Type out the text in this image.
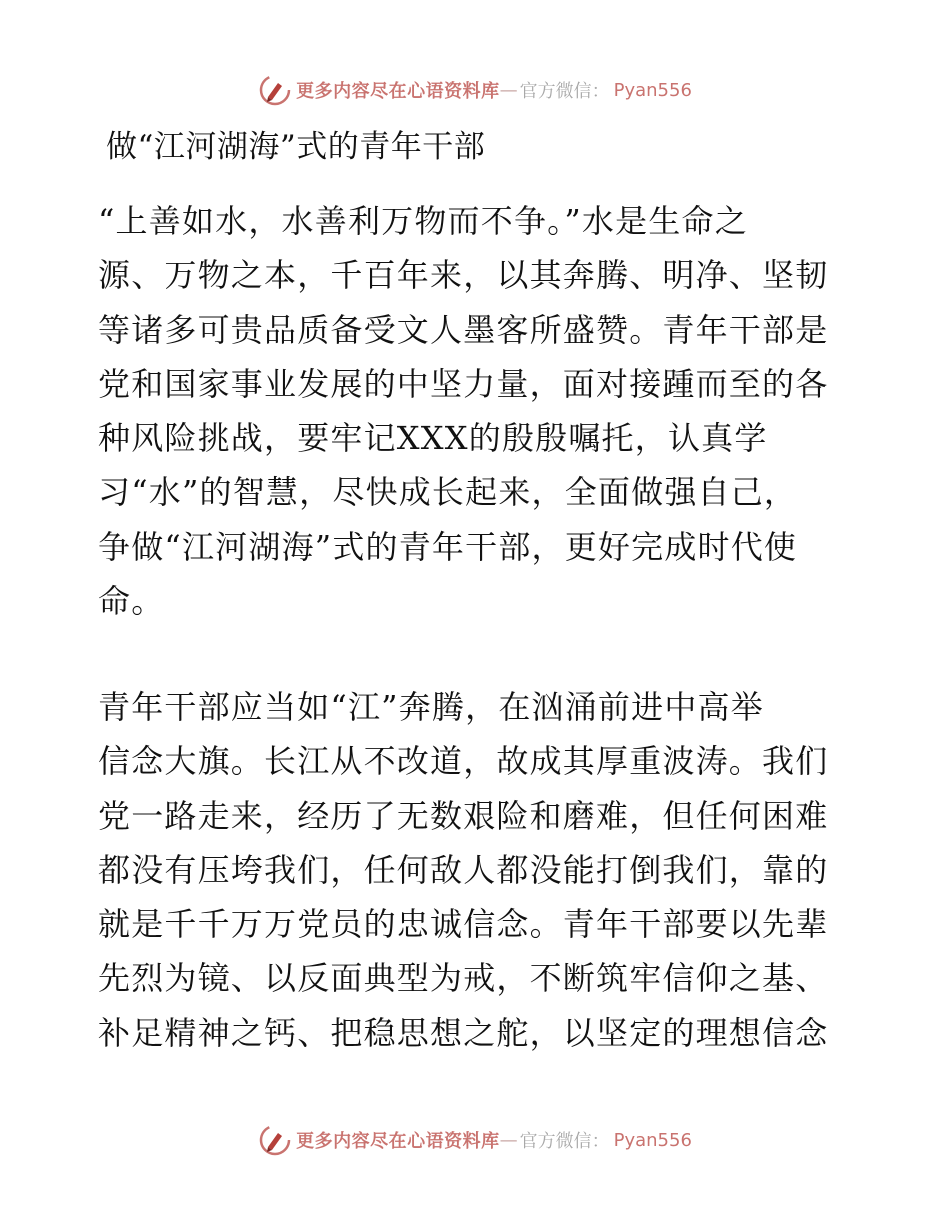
更多内容尽在心语资料库 — 官方微信： Pyan556
做“江河湖海”式的青年干部
“上善如水，水善利万物而不争。”水是生命之
源、万物之本，千百年来，以其奔腾、明净、坚韧
等诸多可贵品质备受文人墨客所盛赞。青年干部是
党和国家事业发展的中坚力量，面对接踵而至的各
种风险挑战，要牢记XXX的殷殷嘱托，认真学
习“水”的智慧，尽快成长起来，全面做强自己，
争做“江河湖海”式的青年干部，更好完成时代使
命。
青年干部应当如“江”奔腾，在汹涌前进中高举
信念大旗。长江从不改道，故成其厚重波涛。我们
党一路走来，经历了无数艰险和磨难，但任何困难
都没有压垮我们，任何敌人都没能打倒我们，靠的
就是千千万万党员的忠诚信念。青年干部要以先辈
先烈为镜、以反面典型为戒，不断筑牢信仰之基、
补足精神之钙、把稳思想之舵，以坚定的理想信念
更多内容尽在心语资料库 — 官方微信： Pyan556
